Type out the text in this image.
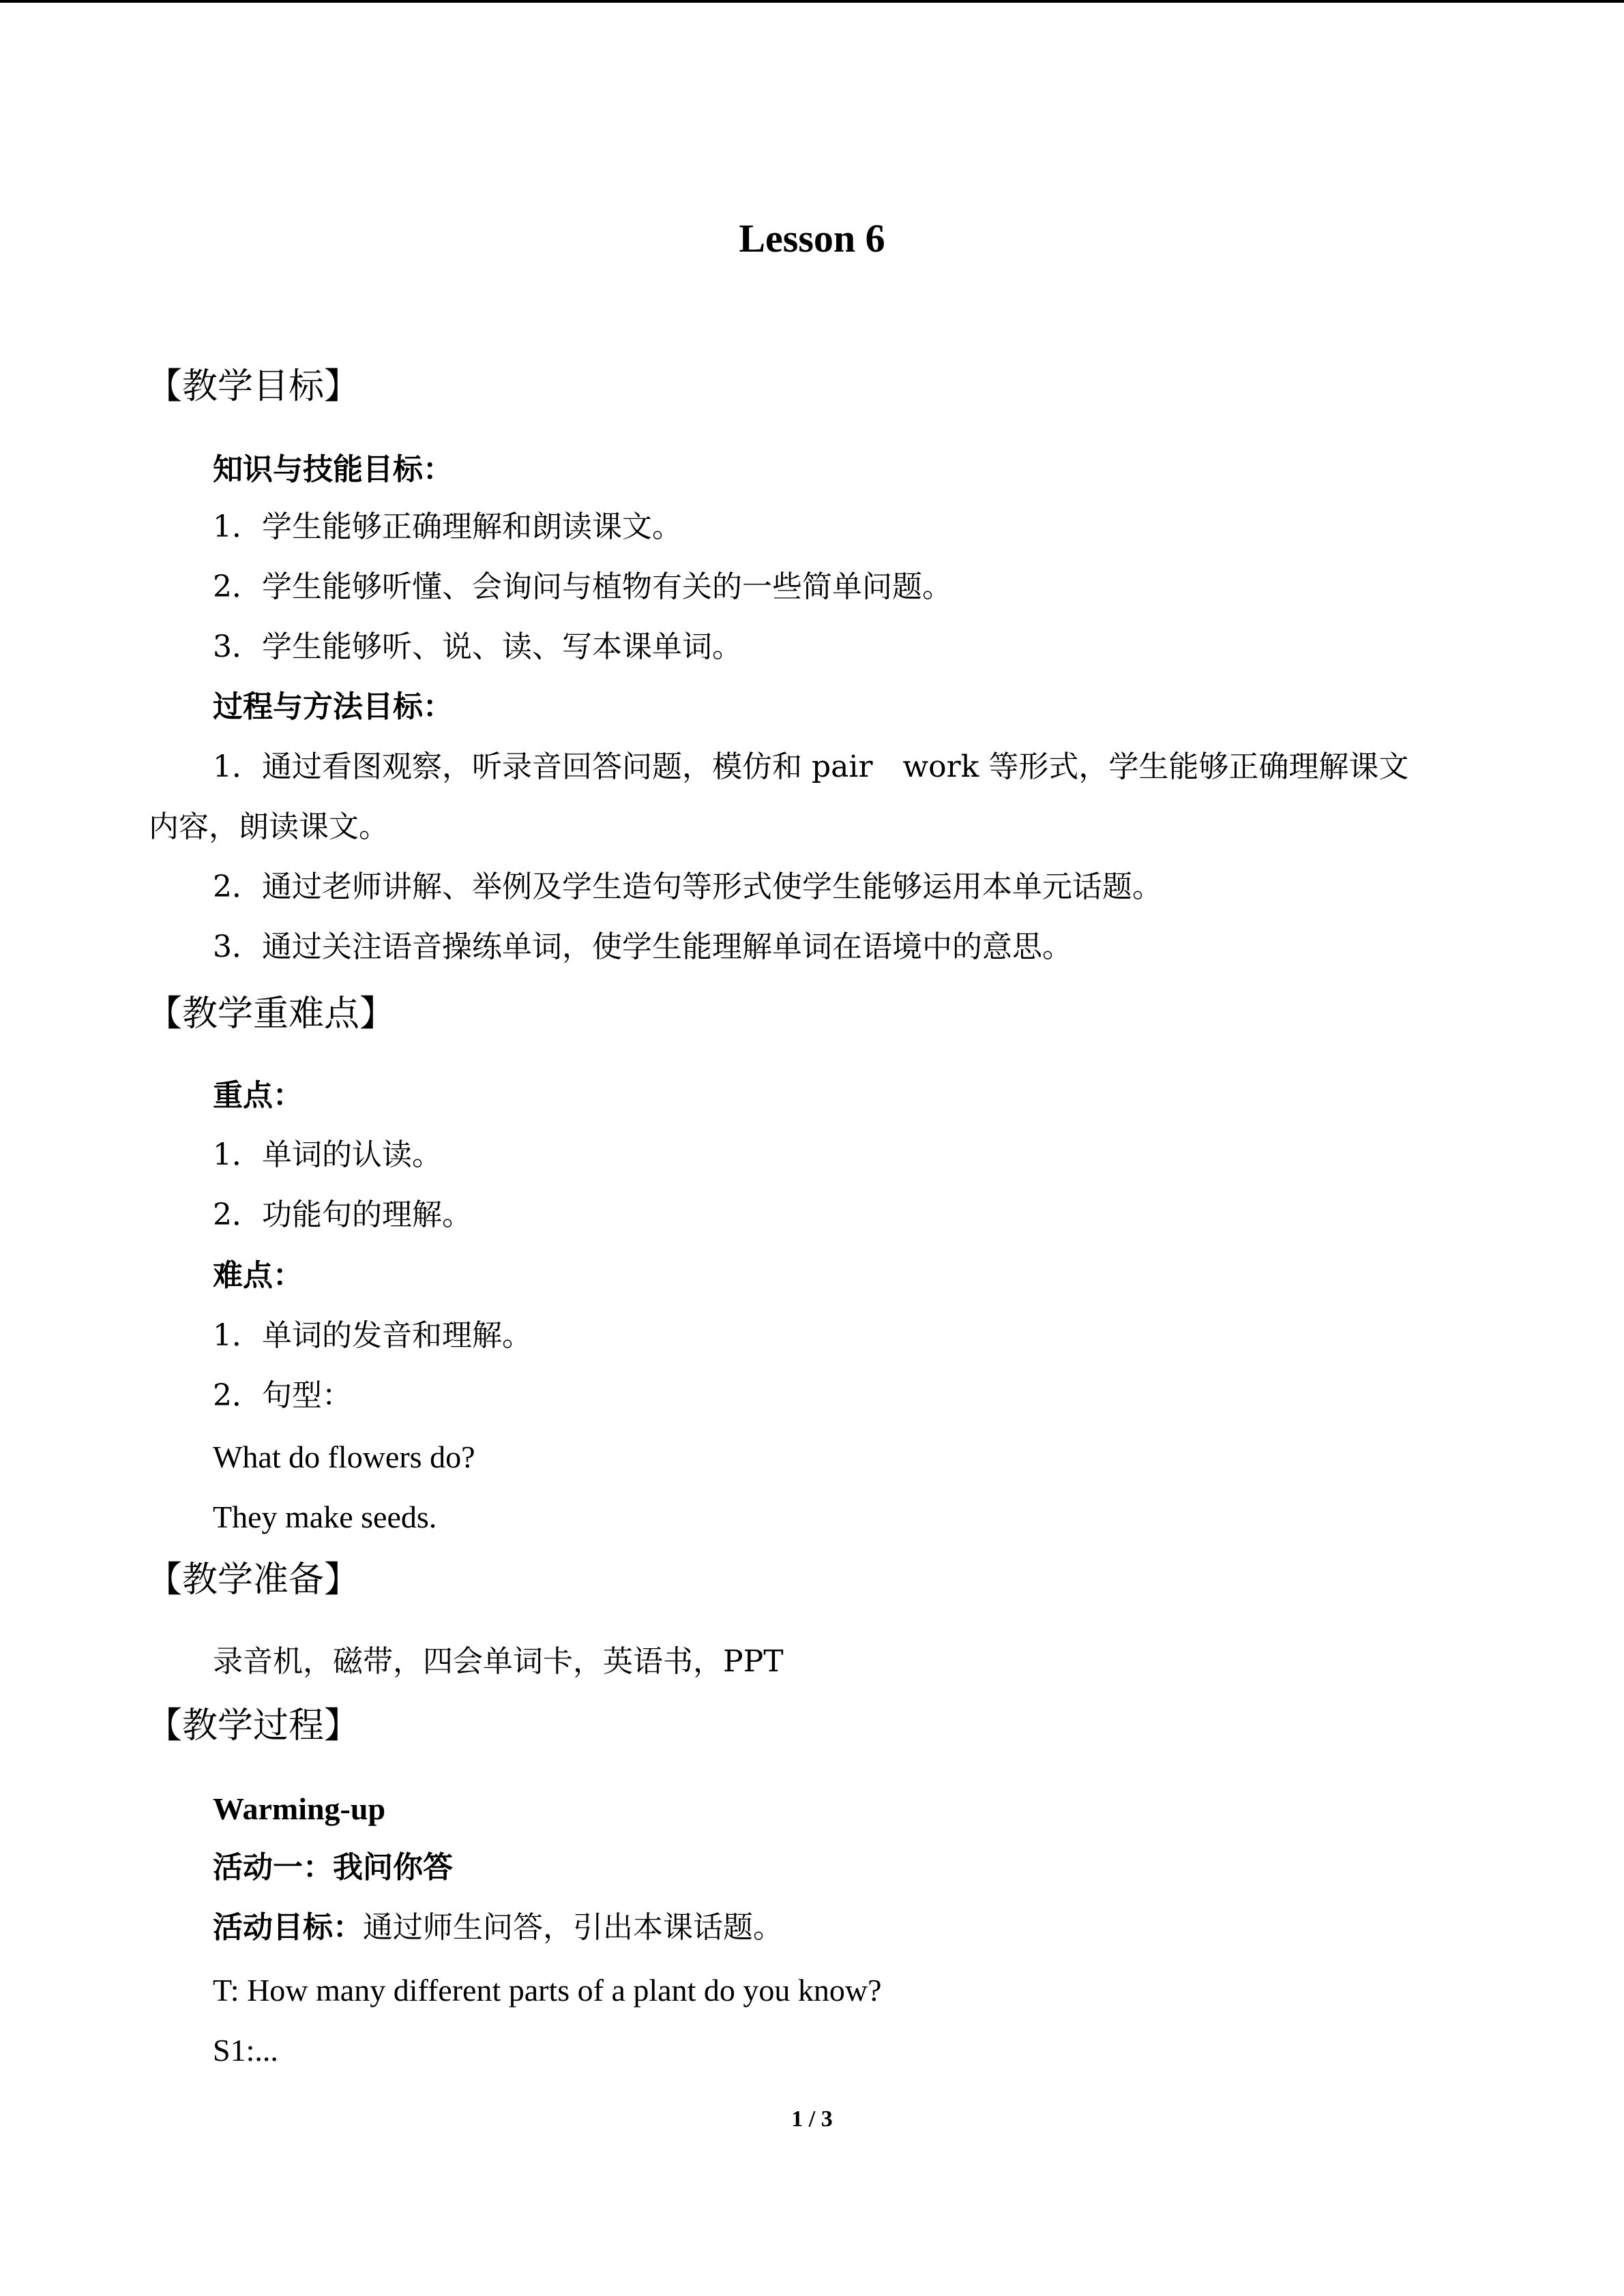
Lesson 6
【教学目标】
知识与技能目标：
1．学生能够正确理解和朗读课文。
2．学生能够听懂、会询问与植物有关的一些简单问题。
3．学生能够听、说、读、写本课单词。
过程与方法目标：
1．通过看图观察，听录音回答问题，模仿和 pair　work 等形式，学生能够正确理解课文
内容，朗读课文。
2．通过老师讲解、举例及学生造句等形式使学生能够运用本单元话题。
3．通过关注语音操练单词，使学生能理解单词在语境中的意思。
【教学重难点】
重点：
1．单词的认读。
2．功能句的理解。
难点：
1．单词的发音和理解。
2．句型：
What do flowers do?
They make seeds.
【教学准备】
录音机，磁带，四会单词卡，英语书，PPT
【教学过程】
Warming-up
活动一：我问你答
活动目标：通过师生问答，引出本课话题。
T: How many different parts of a plant do you know?
S1:...
1 / 3
